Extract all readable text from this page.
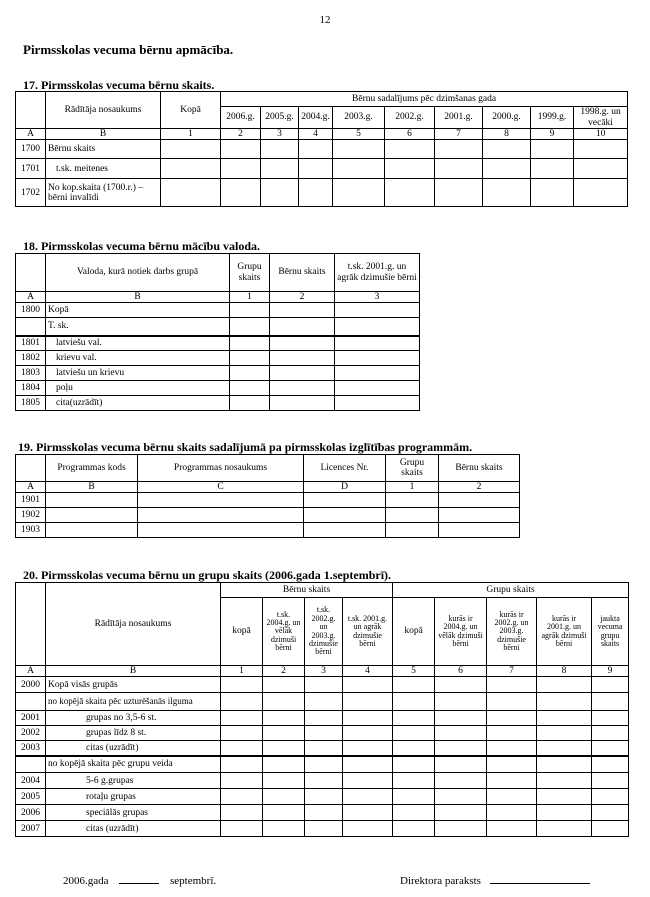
12
Pirmsskolas vecuma bērnu apmācība.
17. Pirmsskolas vecuma bērnu skaits.
	Rādītāja nosaukums	Kopā	Bērnu sadalījums pēc dzimšanas gada								
			2006.g.	2005.g.	2004.g.	2003.g.	2002.g.	2001.g.	2000.g.	1999.g.	1998.g. un vecāki
A	B	1	2	3	4	5	6	7	8	9	10
1700	Bērnu skaits										
1701	t.sk. meitenes										
1702	No kop.skaita (1700.r.) –bērni invalīdi										
18. Pirmsskolas vecuma bērnu mācību valoda.
	Valoda, kurā notiek darbs grupā	Grupu skaits	Bērnu skaits	t.sk. 2001.g. un agrāk dzimušie bērni
A	B	1	2	3
1800	Kopā			
	T. sk.			
1801	latviešu val.			
1802	krievu val.			
1803	latviešu un krievu			
1804	poļu			
1805	cita(uzrādīt)			
19. Pirmsskolas vecuma bērnu skaits sadalījumā pa pirmsskolas izglītības programmām.
	Programmas kods	Programmas nosaukums	Licences Nr.	Grupu skaits	Bērnu skaits
A	B	C	D	1	2
1901					
1902					
1903					
20. Pirmsskolas vecuma bērnu un grupu skaits (2006.gada 1.septembrī).
	Rādītāja nosaukums	Bērnu skaits				Grupu skaits				
		kopā	t.sk. 2004.g. un vēlāk dzimuši bērni	t.sk. 2002.g. un 2003.g. dzimušie bērni	t.sk. 2001.g. un agrāk dzimušie bērni	kopā	kurās ir 2004.g. un vēlāk dzimuši bērni	kurās ir 2002.g. un 2003.g. dzimušie bērni	kurās ir 2001.g. un agrāk dzimuši bērni	jaukta vecuma grupu skaits
A	B	1	2	3	4	5	6	7	8	9
2000	Kopā visās grupās									
	no kopējā skaita pēc uzturēšanās ilguma									
2001	grupas no 3,5-6 st.									
2002	grupas līdz 8 st.									
2003	citas (uzrādīt)									
	no kopējā skaita pēc grupu veida									
2004	5-6 g.grupas									
2005	rotaļu grupas									
2006	speciālās grupas									
2007	citas (uzrādīt)									
2006.gada	septembrī.	Direktora paraksts
